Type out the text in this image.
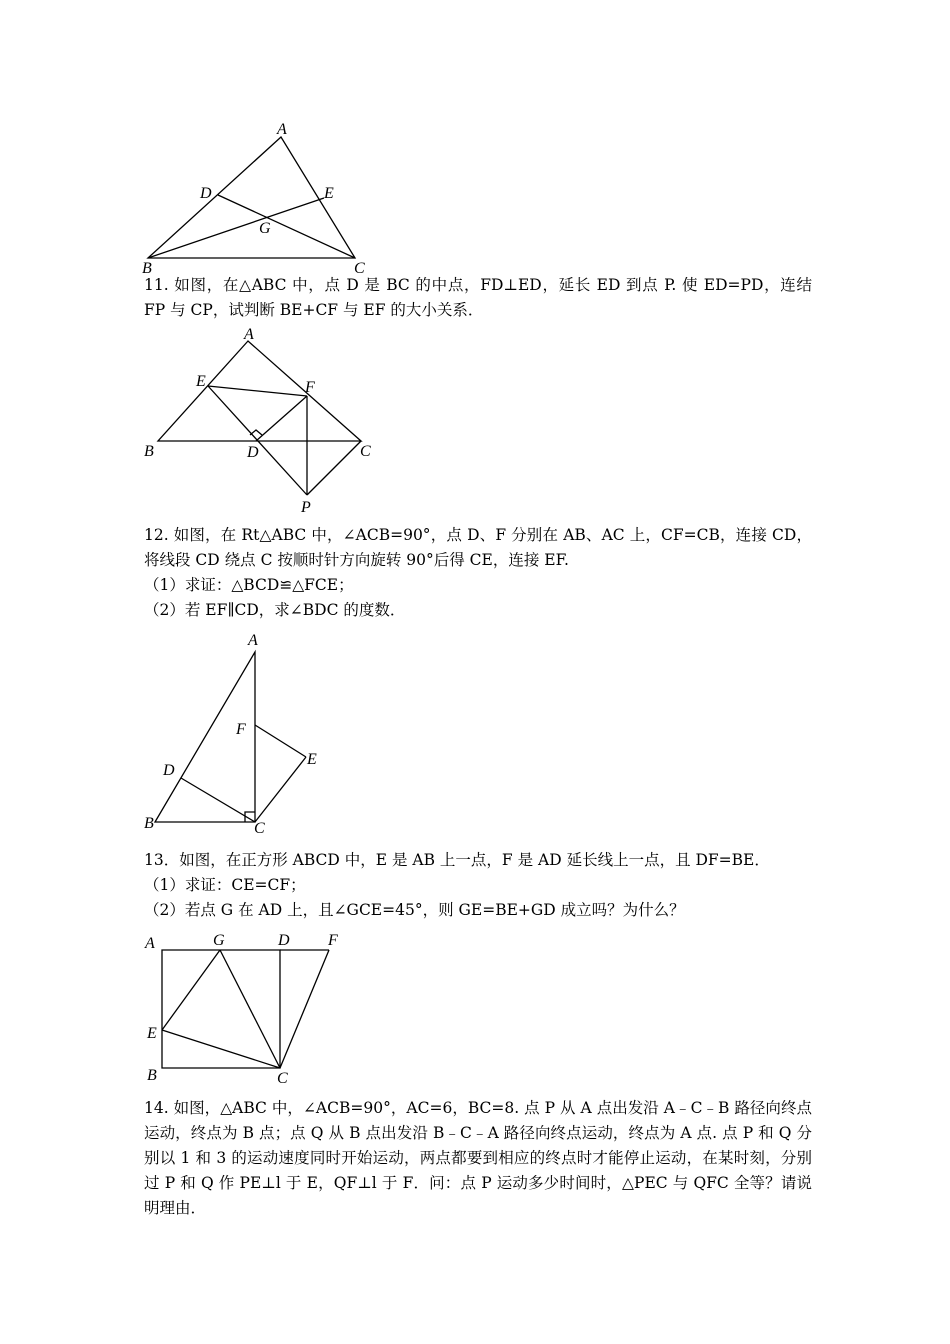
A
D	E
G
B	C

11. 如图，在△ABC 中，点 D 是 BC 的中点，FD⊥ED，延长 ED 到点 P. 使 ED=PD，连结 FP 与 CP，试判断 BE+CF 与 EF 的大小关系．

A
E	F
B	D	C
P

12. 如图，在 Rt△ABC 中，∠ACB=90°，点 D、F 分别在 AB、AC 上，CF=CB，连接 CD，将线段 CD 绕点 C 按顺时针方向旋转 90°后得 CE，连接 EF.

（1）求证：△BCD≌△FCE；

（2）若 EF∥CD，求∠BDC 的度数．

A
F
E
D
B	C

13．如图，在正方形 ABCD 中，E 是 AB 上一点，F 是 AD 延长线上一点，且 DF=BE．

（1）求证：CE=CF；

（2）若点 G 在 AD 上，且∠GCE=45°，则 GE=BE+GD 成立吗？为什么？

A	G	D F
E
B	C

14. 如图，△ABC 中，∠ACB=90°，AC=6，BC=8. 点 P 从 A 点出发沿 A﹣C﹣B 路径向终点运动，终点为 B 点；点 Q 从 B 点出发沿 B﹣C﹣A 路径向终点运动，终点为 A 点. 点 P 和 Q 分别以 1 和 3 的运动速度同时开始运动，两点都要到相应的终点时才能停止运动，在某时刻，分别过 P 和 Q 作 PE⊥l 于 E，QF⊥l 于 F．问：点 P 运动多少时间时，△PEC 与 QFC 全等？请说明理由．
